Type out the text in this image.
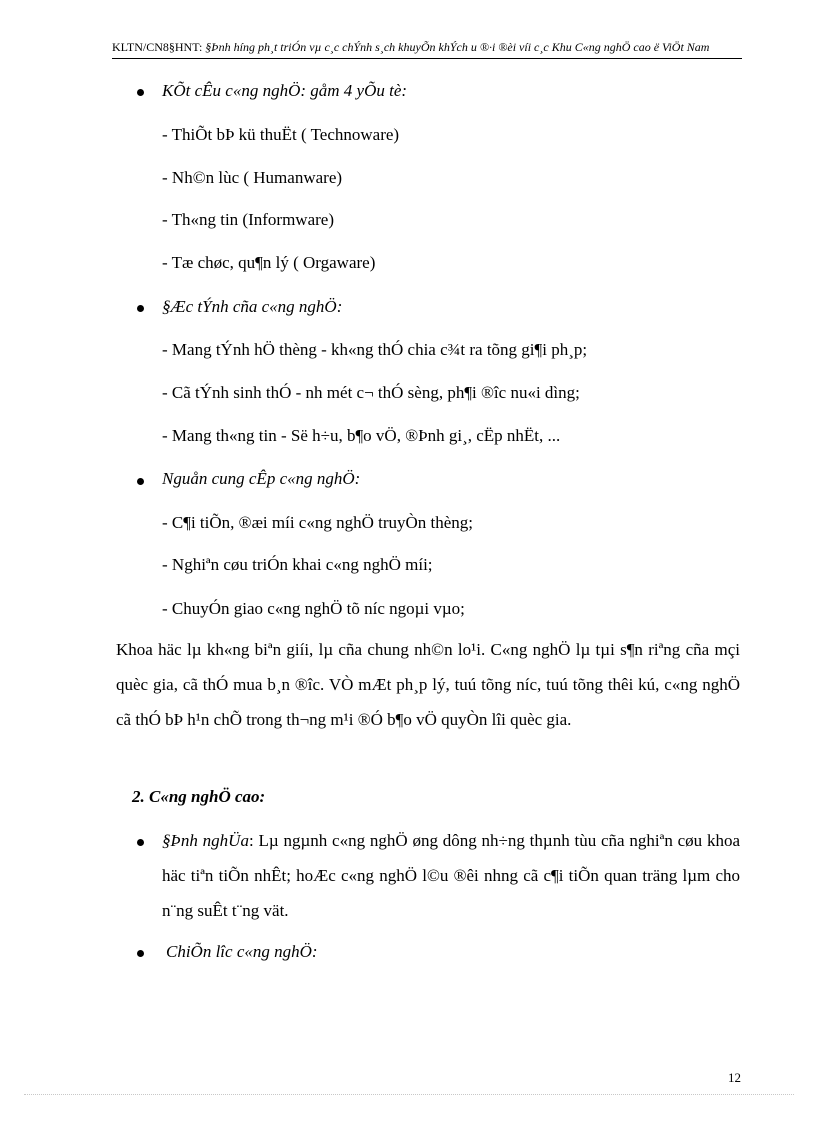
KLTN/CN8§HNT: §Þnh híng ph¸t triÓn vµ c¸c chÝnh s¸ch khuyÕn khÝch u ®·i ®èi víi c¸c Khu C«ng nghÖ cao ë ViÖt Nam
KÕt cÊu c«ng nghÖ: gåm 4 yÕu tè:
- ThiÕt bÞ kü thuËt ( Technoware)
- Nh©n lùc ( Humanware)
- Th«ng tin (Informware)
- Tæ chøc, qu¶n lý ( Orgaware)
§Æc tÝnh cña c«ng nghÖ:
- Mang tÝnh hÖ thèng - kh«ng thÓ chia c¾t ra tõng gi¶i ph¸p;
- Cã tÝnh sinh thÓ - nh mét c¬ thÓ sèng, ph¶i ®îc nu«i dìng;
- Mang th«ng tin - Së h÷u, b¶o vÖ, ®Þnh gi¸, cËp nhËt, ...
Nguån cung cÊp c«ng nghÖ:
- C¶i tiÕn, ®æi míi c«ng nghÖ truyÒn thèng;
- Nghiªn cøu triÓn khai c«ng nghÖ míi;
- ChuyÓn giao c«ng nghÖ tõ níc ngoµi vµo;
Khoa häc lµ kh«ng biªn giíi, lµ cña chung nh©n lo¹i. C«ng nghÖ lµ tµi s¶n riªng cña mçi quèc gia, cã thÓ mua b¸n ®îc. VÒ mÆt ph¸p lý, tuú tõng níc, tuú tõng thêi kú, c«ng nghÖ cã thÓ bÞ h¹n chÕ trong th¬ng m¹i ®Ó b¶o vÖ quyÒn lîi quèc gia.
2. C«ng nghÖ cao:
§Þnh nghÜa: Lµ ngµnh c«ng nghÖ øng dông nh÷ng thµnh tùu cña nghiªn cøu khoa häc tiªn tiÕn nhÊt; hoÆc c«ng nghÖ l©u ®êi nhng cã c¶i tiÕn quan träng lµm cho n¨ng suÊt t¨ng vät.
ChiÕn lîc c«ng nghÖ:
12
